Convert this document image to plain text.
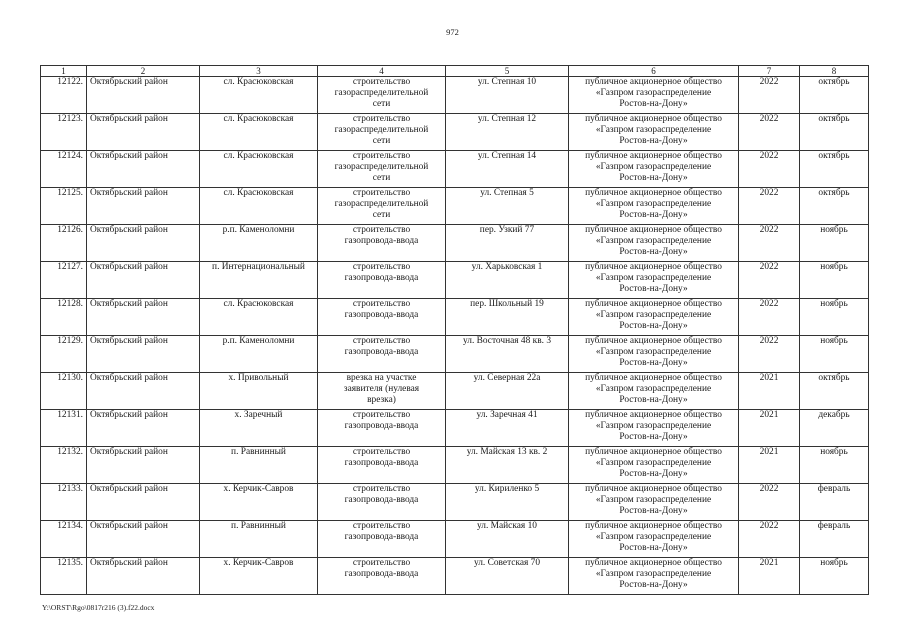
972
1	2	3	4	5	6	7	8
12122.	Октябрьский район	сл. Красюковская	строительство
газораспределительной
сети	ул. Степная 10	публичное акционерное общество
«Газпром газораспределение
Ростов-на-Дону»	2022	октябрь
12123.	Октябрьский район	сл. Красюковская	строительство
газораспределительной
сети	ул. Степная 12	публичное акционерное общество
«Газпром газораспределение
Ростов-на-Дону»	2022	октябрь
12124.	Октябрьский район	сл. Красюковская	строительство
газораспределительной
сети	ул. Степная 14	публичное акционерное общество
«Газпром газораспределение
Ростов-на-Дону»	2022	октябрь
12125.	Октябрьский район	сл. Красюковская	строительство
газораспределительной
сети	ул. Степная 5	публичное акционерное общество
«Газпром газораспределение
Ростов-на-Дону»	2022	октябрь
12126.	Октябрьский район	р.п. Каменоломни	строительство
газопровода-ввода	пер. Узкий 77	публичное акционерное общество
«Газпром газораспределение
Ростов-на-Дону»	2022	ноябрь
12127.	Октябрьский район	п. Интернациональный	строительство
газопровода-ввода	ул. Харьковская 1	публичное акционерное общество
«Газпром газораспределение
Ростов-на-Дону»	2022	ноябрь
12128.	Октябрьский район	сл. Красюковская	строительство
газопровода-ввода	пер. Школьный 19	публичное акционерное общество
«Газпром газораспределение
Ростов-на-Дону»	2022	ноябрь
12129.	Октябрьский район	р.п. Каменоломни	строительство
газопровода-ввода	ул. Восточная 48 кв. 3	публичное акционерное общество
«Газпром газораспределение
Ростов-на-Дону»	2022	ноябрь
12130.	Октябрьский район	х. Привольный	врезка на участке
заявителя (нулевая
врезка)	ул. Северная 22а	публичное акционерное общество
«Газпром газораспределение
Ростов-на-Дону»	2021	октябрь
12131.	Октябрьский район	х. Заречный	строительство
газопровода-ввода	ул. Заречная 41	публичное акционерное общество
«Газпром газораспределение
Ростов-на-Дону»	2021	декабрь
12132.	Октябрьский район	п. Равнинный	строительство
газопровода-ввода	ул. Майская 13 кв. 2	публичное акционерное общество
«Газпром газораспределение
Ростов-на-Дону»	2021	ноябрь
12133.	Октябрьский район	х. Керчик-Савров	строительство
газопровода-ввода	ул. Кириленко 5	публичное акционерное общество
«Газпром газораспределение
Ростов-на-Дону»	2022	февраль
12134.	Октябрьский район	п. Равнинный	строительство
газопровода-ввода	ул. Майская 10	публичное акционерное общество
«Газпром газораспределение
Ростов-на-Дону»	2022	февраль
12135.	Октябрьский район	х. Керчик-Савров	строительство
газопровода-ввода	ул. Советская 70	публичное акционерное общество
«Газпром газораспределение
Ростов-на-Дону»	2021	ноябрь
Y:\ORST\Rgo\0817r216 (3).f22.docx
